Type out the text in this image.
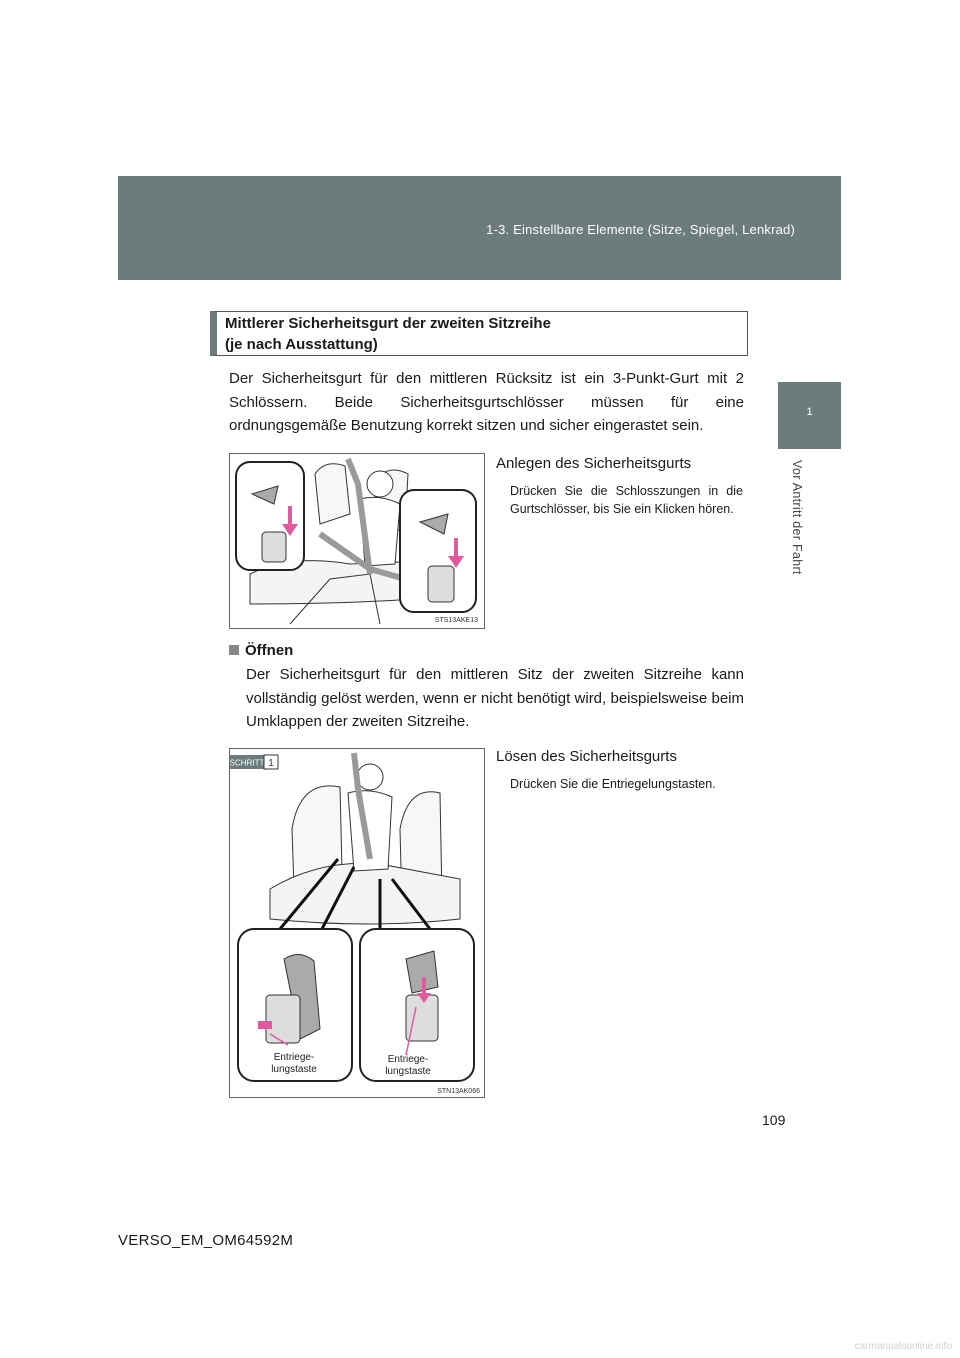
1-3. Einstellbare Elemente (Sitze, Spiegel, Lenkrad)
1
Vor Antritt der Fahrt
Mittlerer Sicherheitsgurt der zweiten Sitzreihe
(je nach Ausstattung)
Der Sicherheitsgurt für den mittleren Rücksitz ist ein 3-Punkt-Gurt mit 2 Schlössern. Beide Sicherheitsgurtschlösser müssen für eine ordnungsgemäße Benutzung korrekt sitzen und sicher eingerastet sein.
STS13AKE13
Anlegen des Sicherheitsgurts
Drücken Sie die Schlosszungen in die Gurtschlösser, bis Sie ein Klicken hören.
Öffnen
Der Sicherheitsgurt für den mittleren Sitz der zweiten Sitzreihe kann vollständig gelöst werden, wenn er nicht benötigt wird, beispielsweise beim Umklappen der zweiten Sitzreihe.
SCHRITT 1
Entriege-
lungstaste
Entriege-
lungstaste
STN13AK066
Lösen des Sicherheitsgurts
Drücken Sie die Entriegelungstasten.
109
VERSO_EM_OM64592M
carmanualsonline.info
